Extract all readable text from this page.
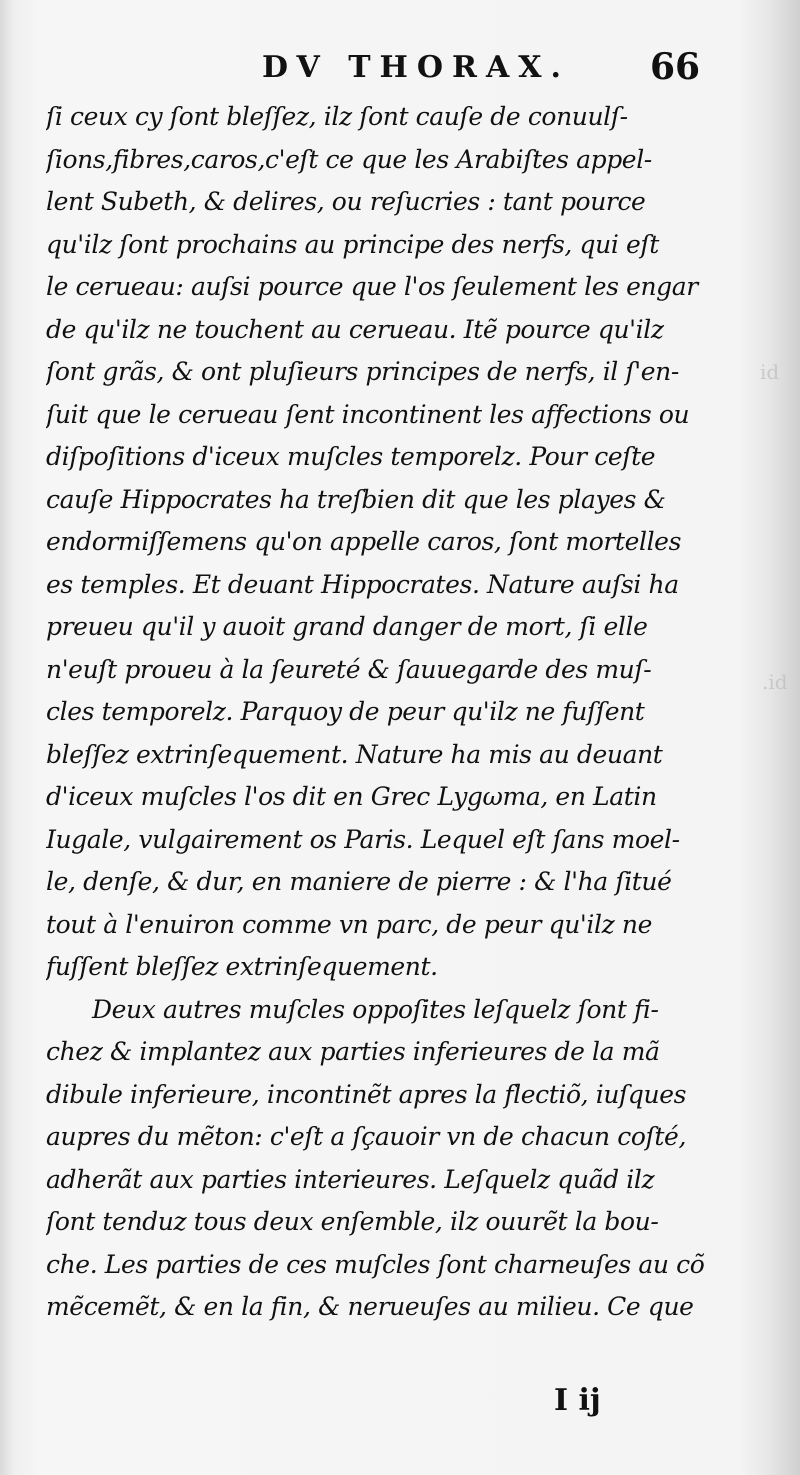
id
.id
DV THORAX. 66
ſi ceux cy ſont bleſſez, ilz ſont cauſe de conuulſ-
ſions,fibres,caros,c'eſt ce que les Arabiſtes appel-
lent Subeth, & delires, ou reſucries : tant pource
qu'ilz ſont prochains au principe des nerfs, qui eſt
le cerueau: auſsi pource que l'os ſeulement les engar
de qu'ilz ne touchent au cerueau. Itẽ pource qu'ilz
ſont grãs, & ont pluſieurs principes de nerfs, il ſ'en-
ſuit que le cerueau ſent incontinent les affections ou
diſpoſitions d'iceux muſcles temporelz. Pour ceſte
cauſe Hippocrates ha treſbien dit que les playes &
endormiſſemens qu'on appelle caros, ſont mortelles
es temples. Et deuant Hippocrates. Nature auſsi ha
preueu qu'il y auoit grand danger de mort, ſi elle
n'euſt proueu à la ſeureté & ſauuegarde des muſ-
cles temporelz. Parquoy de peur qu'ilz ne fuſſent
bleſſez extrinſequement. Nature ha mis au deuant
d'iceux muſcles l'os dit en Grec Lygωma, en Latin
Iugale, vulgairement os Paris. Lequel eſt ſans moel-
le, denſe, & dur, en maniere de pierre : & l'ha ſitué
tout à l'enuiron comme vn parc, de peur qu'ilz ne
fuſſent bleſſez extrinſequement.
Deux autres muſcles oppoſites leſquelz ſont fi-
chez & implantez aux parties inferieures de la mã
dibule inferieure, incontinẽt apres la flectiõ, iuſques
aupres du mẽton: c'eſt a ſçauoir vn de chacun coſté,
adherãt aux parties interieures. Leſquelz quãd ilz
ſont tenduz tous deux enſemble, ilz ouurẽt la bou-
che. Les parties de ces muſcles ſont charneuſes au cõ
mẽcemẽt, & en la fin, & nerueuſes au milieu. Ce que
I ij
